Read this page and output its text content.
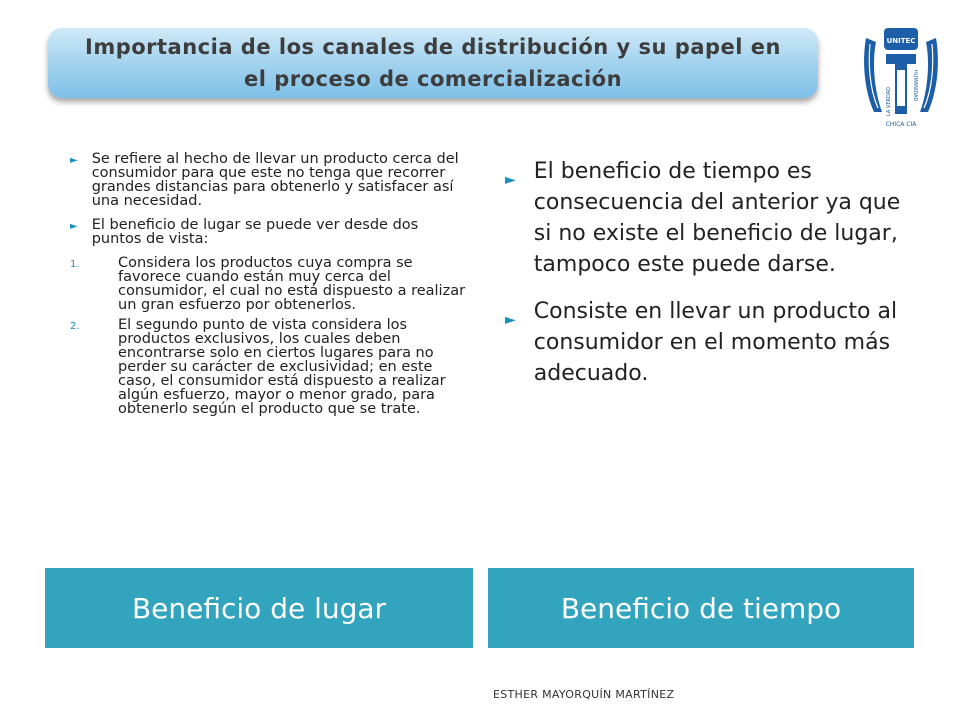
Importancia de los canales de distribución y su papel en el proceso de comercialización
UNITEC
LA VERDAD
HUMANIDAD
CHICA CIA
► Se refiere al hecho de llevar un producto cerca del consumidor para que este no tenga que recorrer grandes distancias para obtenerlo y satisfacer así una necesidad.
► El beneficio de lugar se puede ver desde dos puntos de vista:
1.	Considera los productos cuya compra se favorece cuando están muy cerca del consumidor, el cual no está dispuesto a realizar un gran esfuerzo por obtenerlos.
2.	El segundo punto de vista considera los productos exclusivos, los cuales deben encontrarse solo en ciertos lugares para no perder su carácter de exclusividad; en este caso, el consumidor está dispuesto a realizar algún esfuerzo, mayor o menor grado, para obtenerlo según el producto que se trate.
► El beneficio de tiempo es consecuencia del anterior ya que si no existe el beneficio de lugar, tampoco este puede darse.
► Consiste en llevar un producto al consumidor en el momento más adecuado.
Beneficio de lugar	Beneficio de tiempo
ESTHER MAYORQUÍN MARTÍNEZ
